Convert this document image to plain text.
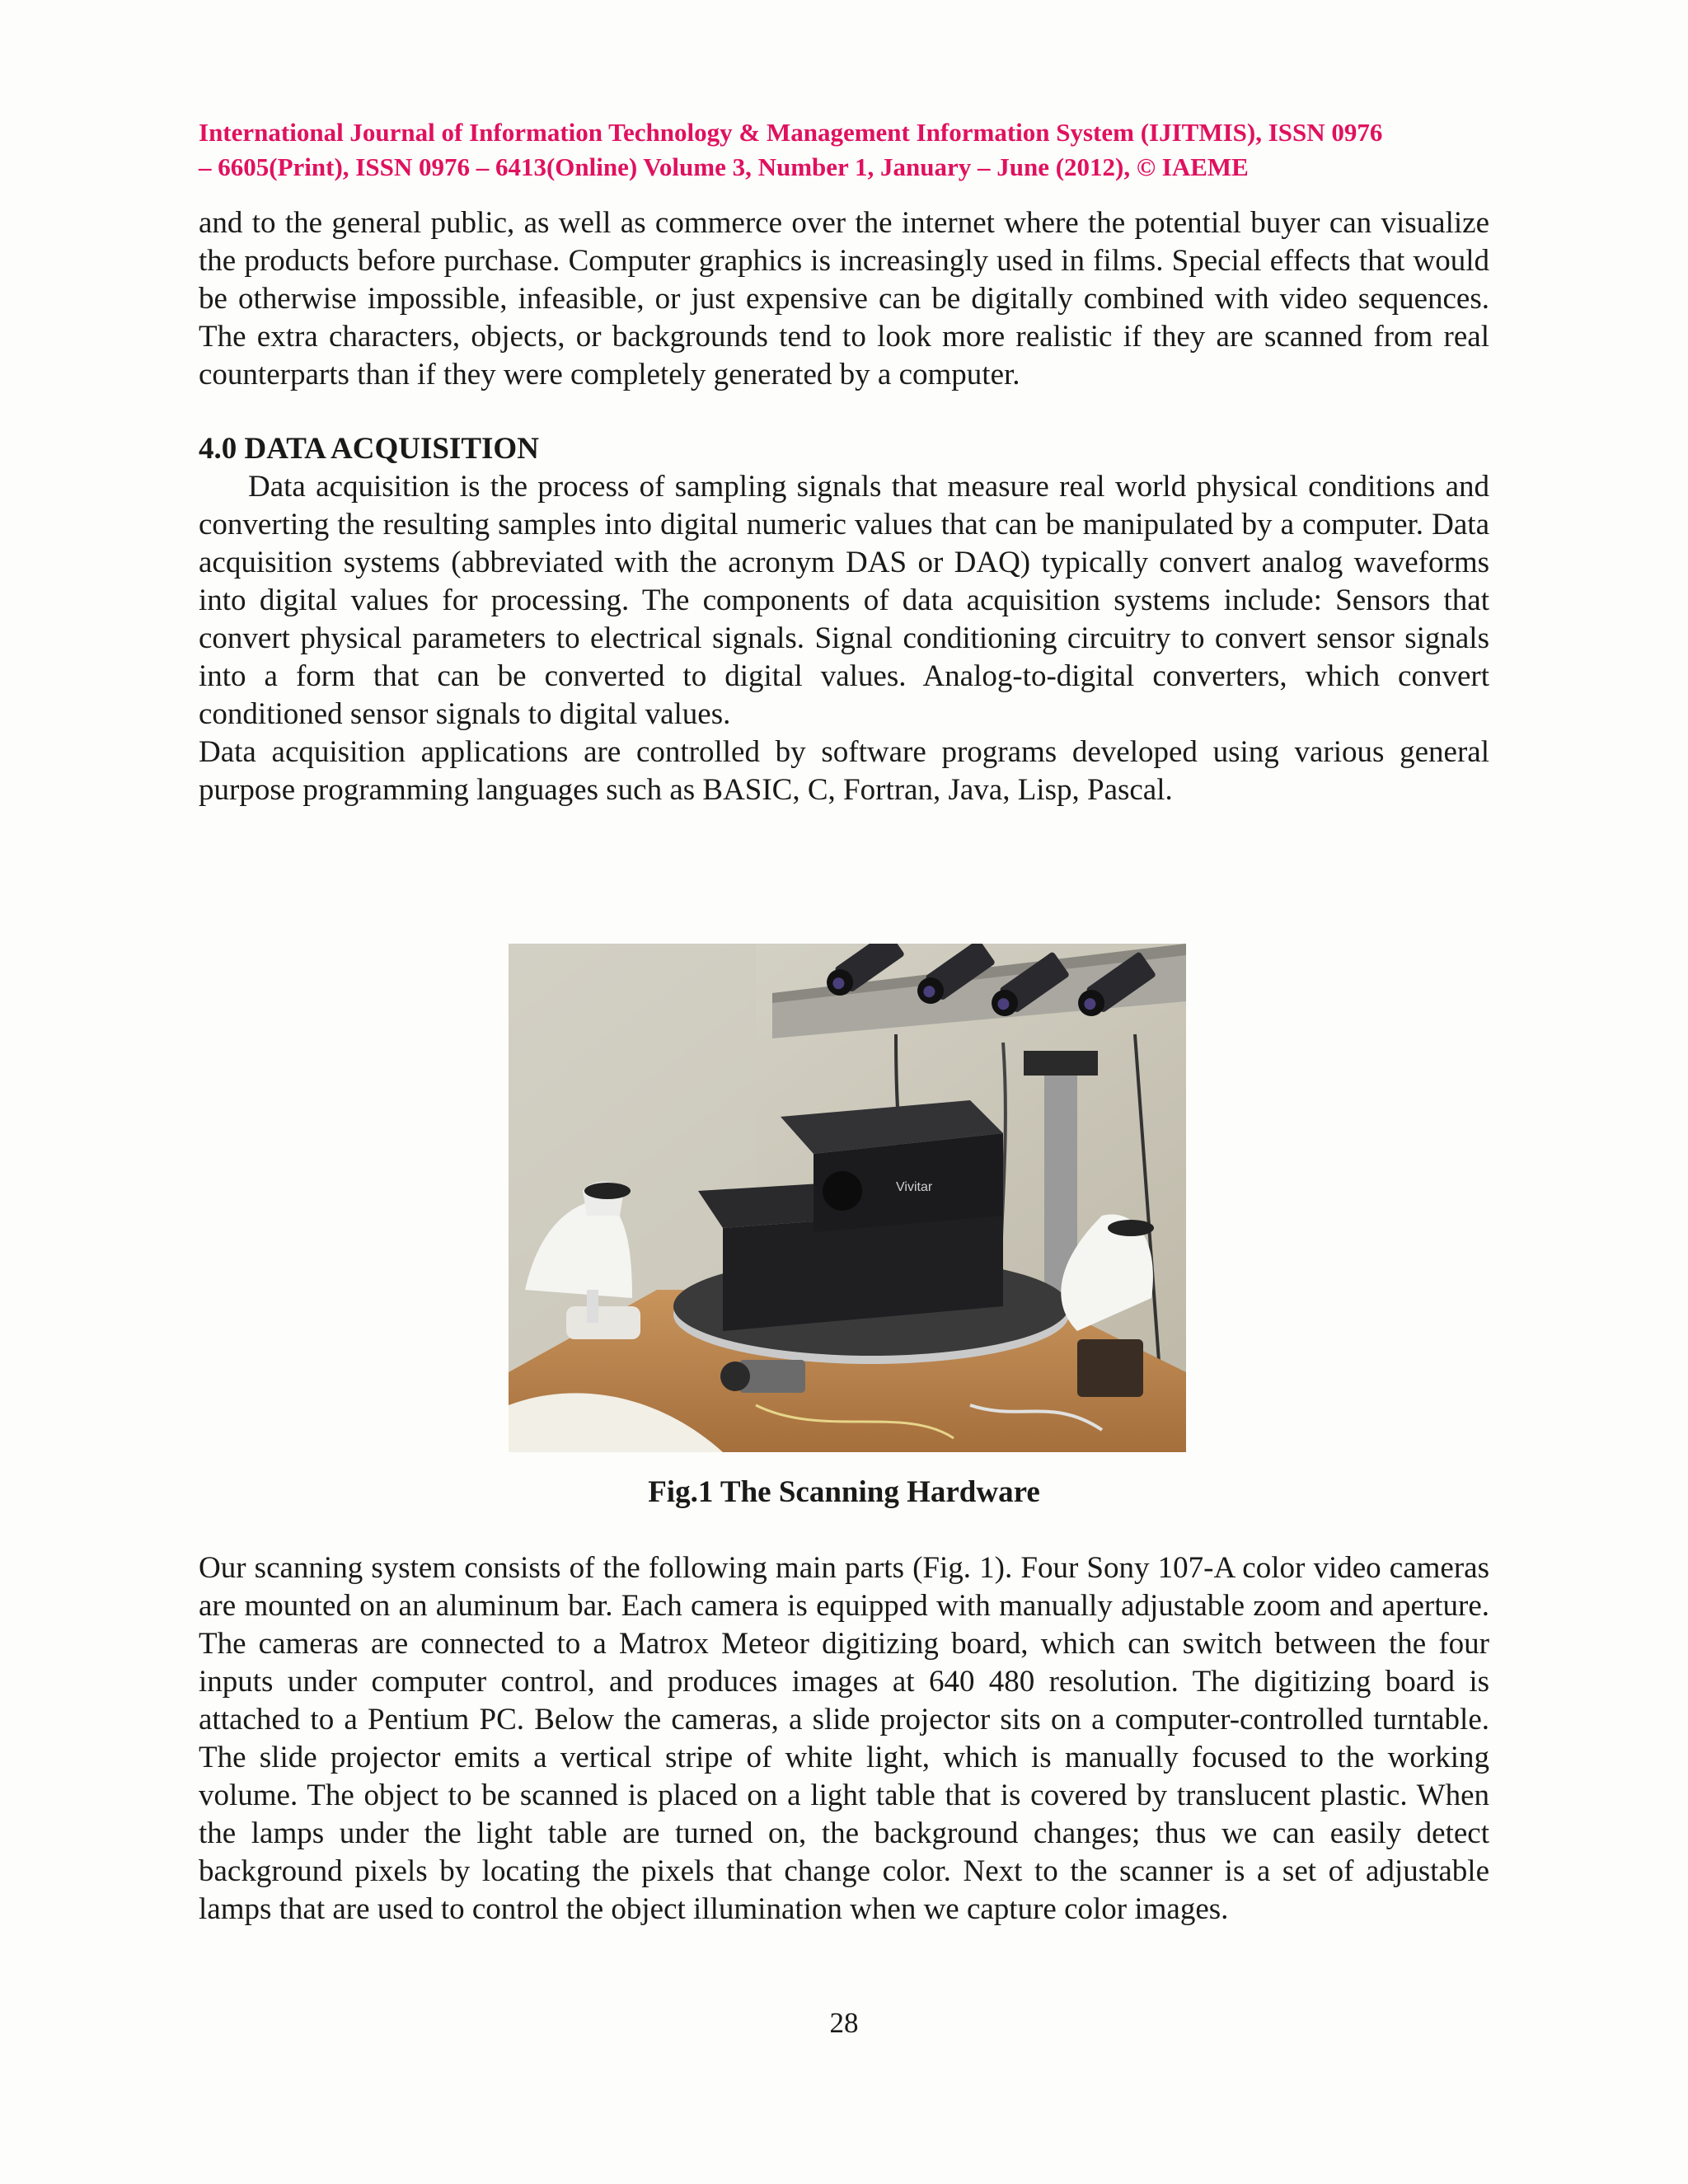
International Journal of Information Technology & Management Information System (IJITMIS), ISSN 0976
– 6605(Print), ISSN 0976 – 6413(Online) Volume 3, Number 1, January – June (2012), © IAEME

and to the general public, as well as commerce over the internet where the potential buyer can visualize the products before purchase. Computer graphics is increasingly used in films. Special effects that would be otherwise impossible, infeasible, or just expensive can be digitally combined with video sequences. The extra characters, objects, or backgrounds tend to look more realistic if they are scanned from real counterparts than if they were completely generated by a computer.

4.0 DATA ACQUISITION

Data acquisition is the process of sampling signals that measure real world physical conditions and converting the resulting samples into digital numeric values that can be manipulated by a computer. Data acquisition systems (abbreviated with the acronym DAS or DAQ) typically convert analog waveforms into digital values for processing. The components of data acquisition systems include: Sensors that convert physical parameters to electrical signals. Signal conditioning circuitry to convert sensor signals into a form that can be converted to digital values. Analog-to-digital converters, which convert conditioned sensor signals to digital values.

Data acquisition applications are controlled by software programs developed using various general purpose programming languages such as BASIC, C, Fortran, Java, Lisp, Pascal.

Vivitar
Fig.1 The Scanning Hardware

Our scanning system consists of the following main parts (Fig. 1). Four Sony 107-A color video cameras are mounted on an aluminum bar. Each camera is equipped with manually adjustable zoom and aperture. The cameras are connected to a Matrox Meteor digitizing board, which can switch between the four inputs under computer control, and produces images at 640 480 resolution. The digitizing board is attached to a Pentium PC. Below the cameras, a slide projector sits on a computer-controlled turntable. The slide projector emits a vertical stripe of white light, which is manually focused to the working volume. The object to be scanned is placed on a light table that is covered by translucent plastic. When the lamps under the light table are turned on, the background changes; thus we can easily detect background pixels by locating the pixels that change color. Next to the scanner is a set of adjustable lamps that are used to control the object illumination when we capture color images.

28
